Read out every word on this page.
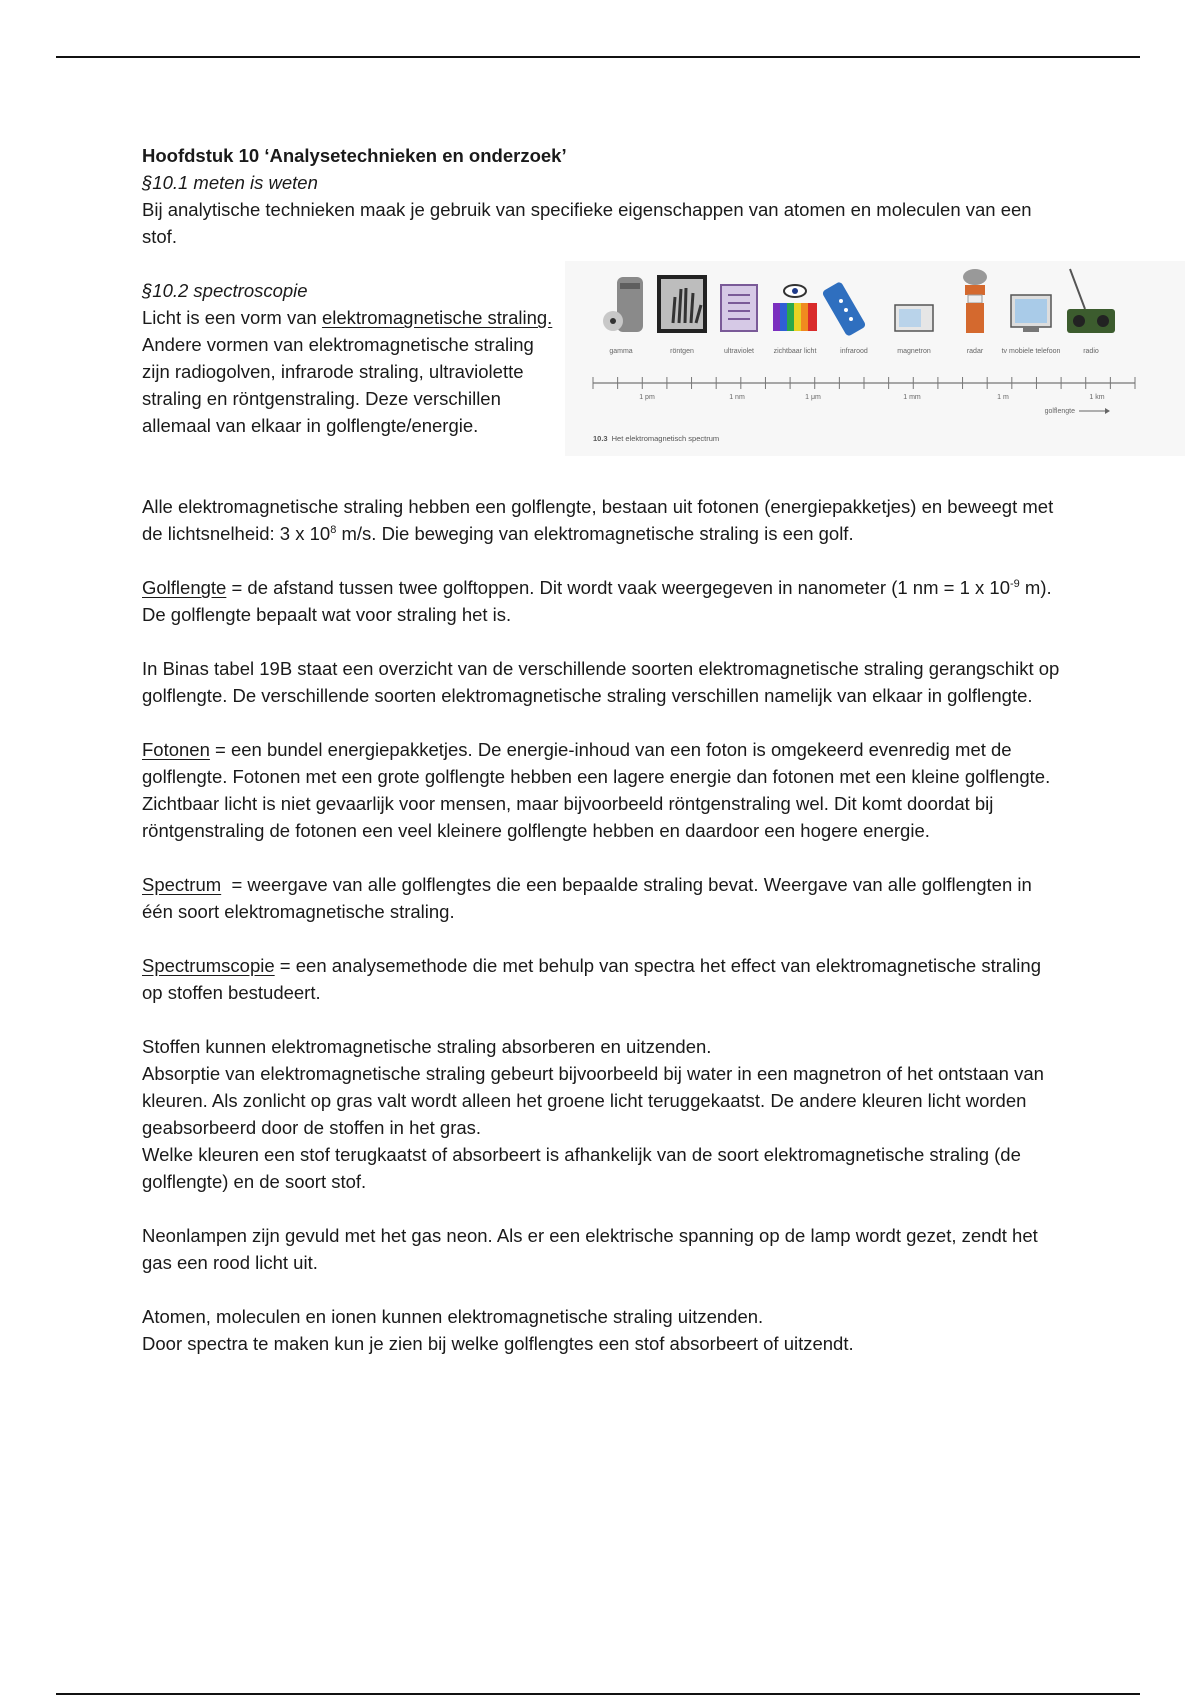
Hoofdstuk 10 ‘Analysetechnieken en onderzoek’

§10.1 meten is weten

Bij analytische technieken maak je gebruik van specifieke eigenschappen van atomen en moleculen van een stof.

§10.2 spectroscopie

Licht is een vorm van elektromagnetische straling. Andere vormen van elektromagnetische straling zijn radiogolven, infrarode straling, ultraviolette straling en röntgenstraling. Deze verschillen allemaal van elkaar in golflengte/energie.

gamma	röntgen	ultraviolet	zichtbaar licht	infrarood	magnetron	radar	tv mobiele telefoon	radio
1 pm	1 nm	1 μm	1 mm	1 m	1 km
golflengte
10.3 Het elektromagnetisch spectrum

Alle elektromagnetische straling hebben een golflengte, bestaan uit fotonen (energiepakketjes) en beweegt met de lichtsnelheid: 3 x $10^8$ m/s. Die beweging van elektromagnetische straling is een golf.

Golflengte = de afstand tussen twee golftoppen. Dit wordt vaak weergegeven in nanometer (1 nm = 1 x $10^{-9}$ m). De golflengte bepaalt wat voor straling het is.

In Binas tabel 19B staat een overzicht van de verschillende soorten elektromagnetische straling gerangschikt op golflengte. De verschillende soorten elektromagnetische straling verschillen namelijk van elkaar in golflengte.

Fotonen = een bundel energiepakketjes. De energie-inhoud van een foton is omgekeerd evenredig met de golflengte. Fotonen met een grote golflengte hebben een lagere energie dan fotonen met een kleine golflengte.

Zichtbaar licht is niet gevaarlijk voor mensen, maar bijvoorbeeld röntgenstraling wel. Dit komt doordat bij röntgenstraling de fotonen een veel kleinere golflengte hebben en daardoor een hogere energie.

Spectrum  = weergave van alle golflengtes die een bepaalde straling bevat. Weergave van alle golflengten in één soort elektromagnetische straling.

Spectrumscopie = een analysemethode die met behulp van spectra het effect van elektromagnetische straling op stoffen bestudeert.

Stoffen kunnen elektromagnetische straling absorberen en uitzenden.

Absorptie van elektromagnetische straling gebeurt bijvoorbeeld bij water in een magnetron of het ontstaan van kleuren. Als zonlicht op gras valt wordt alleen het groene licht teruggekaatst. De andere kleuren licht worden geabsorbeerd door de stoffen in het gras.

Welke kleuren een stof terugkaatst of absorbeert is afhankelijk van de soort elektromagnetische straling (de golflengte) en de soort stof.

Neonlampen zijn gevuld met het gas neon. Als er een elektrische spanning op de lamp wordt gezet, zendt het gas een rood licht uit.

Atomen, moleculen en ionen kunnen elektromagnetische straling uitzenden.

Door spectra te maken kun je zien bij welke golflengtes een stof absorbeert of uitzendt.
